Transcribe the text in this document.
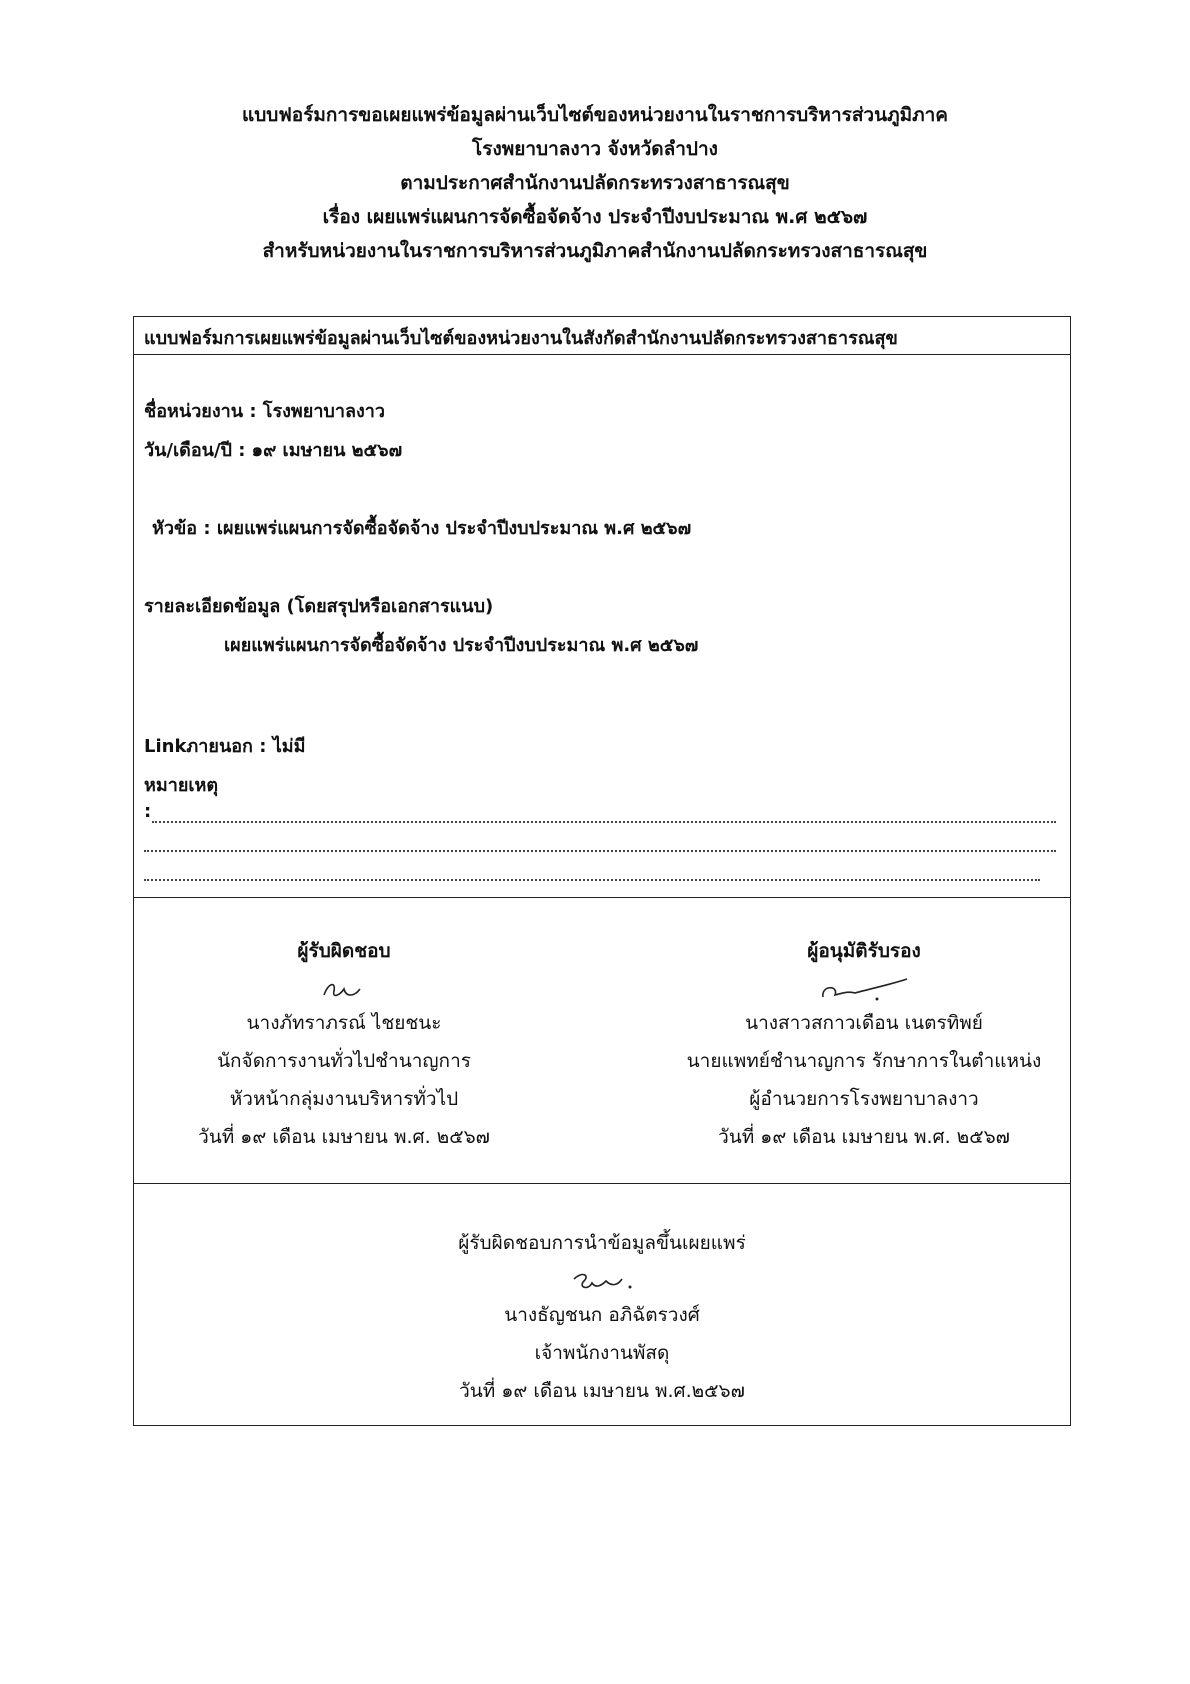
แบบฟอร์มการขอเผยแพร่ข้อมูลผ่านเว็บไซต์ของหน่วยงานในราชการบริหารส่วนภูมิภาค
โรงพยาบาลงาว จังหวัดลำปาง
ตามประกาศสำนักงานปลัดกระทรวงสาธารณสุข
เรื่อง เผยแพร่แผนการจัดซื้อจัดจ้าง ประจำปีงบประมาณ พ.ศ ๒๕๖๗
สำหรับหน่วยงานในราชการบริหารส่วนภูมิภาคสำนักงานปลัดกระทรวงสาธารณสุข
แบบฟอร์มการเผยแพร่ข้อมูลผ่านเว็บไซต์ของหน่วยงานในสังกัดสำนักงานปลัดกระทรวงสาธารณสุข
ชื่อหน่วยงาน : โรงพยาบาลงาว
วัน/เดือน/ปี : ๑๙ เมษายน ๒๕๖๗
หัวข้อ : เผยแพร่แผนการจัดซื้อจัดจ้าง ประจำปีงบประมาณ พ.ศ ๒๕๖๗
รายละเอียดข้อมูล (โดยสรุปหรือเอกสารแนบ)
เผยแพร่แผนการจัดซื้อจัดจ้าง ประจำปีงบประมาณ พ.ศ ๒๕๖๗
Linkภายนอก : ไม่มี
หมายเหตุ
:
ผู้รับผิดชอบ
นางภัทราภรณ์ ไชยชนะ
นักจัดการงานทั่วไปชำนาญการ
หัวหน้ากลุ่มงานบริหารทั่วไป
วันที่ ๑๙ เดือน เมษายน พ.ศ. ๒๕๖๗
ผู้อนุมัติรับรอง
นางสาวสกาวเดือน เนตรทิพย์
นายแพทย์ชำนาญการ รักษาการในตำแหน่ง
ผู้อำนวยการโรงพยาบาลงาว
วันที่ ๑๙ เดือน เมษายน พ.ศ. ๒๕๖๗
ผู้รับผิดชอบการนำข้อมูลขึ้นเผยแพร่
นางธัญชนก อภิฉัตรวงศ์
เจ้าพนักงานพัสดุ
วันที่ ๑๙ เดือน เมษายน พ.ศ.๒๕๖๗
